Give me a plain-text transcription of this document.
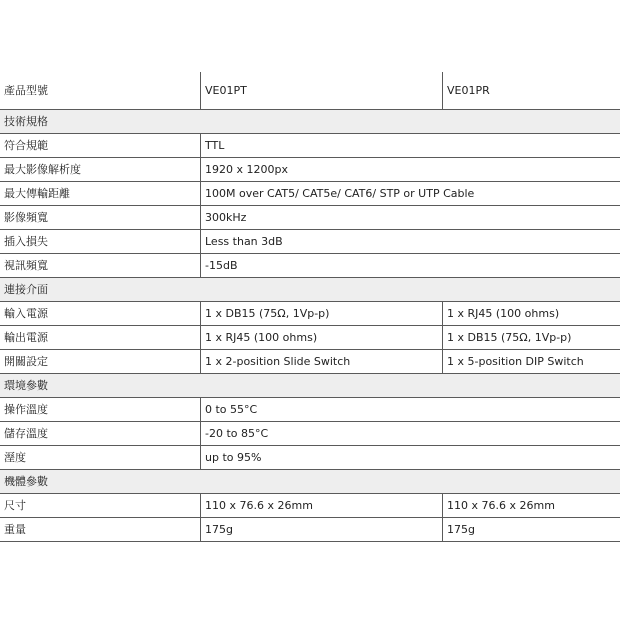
產品型號	VE01PT	VE01PR
技術規格		
符合規範	TTL	
最大影像解析度	1920 x 1200px	
最大傳輸距離	100M over CAT5/ CAT5e/ CAT6/ STP or UTP Cable	
影像頻寬	300kHz	
插入損失	Less than 3dB	
視訊頻寬	-15dB	
連接介面		
輸入電源	1 x DB15 (75Ω, 1Vp-p)	1 x RJ45 (100 ohms)
輸出電源	1 x RJ45 (100 ohms)	1 x DB15 (75Ω, 1Vp-p)
開關設定	1 x 2-position Slide Switch	1 x 5-position DIP Switch
環境參數		
操作溫度	0 to 55°C	
儲存溫度	-20 to 85°C	
溼度	up to 95%	
機體參數		
尺寸	110 x 76.6 x 26mm	110 x 76.6 x 26mm
重量	175g	175g
